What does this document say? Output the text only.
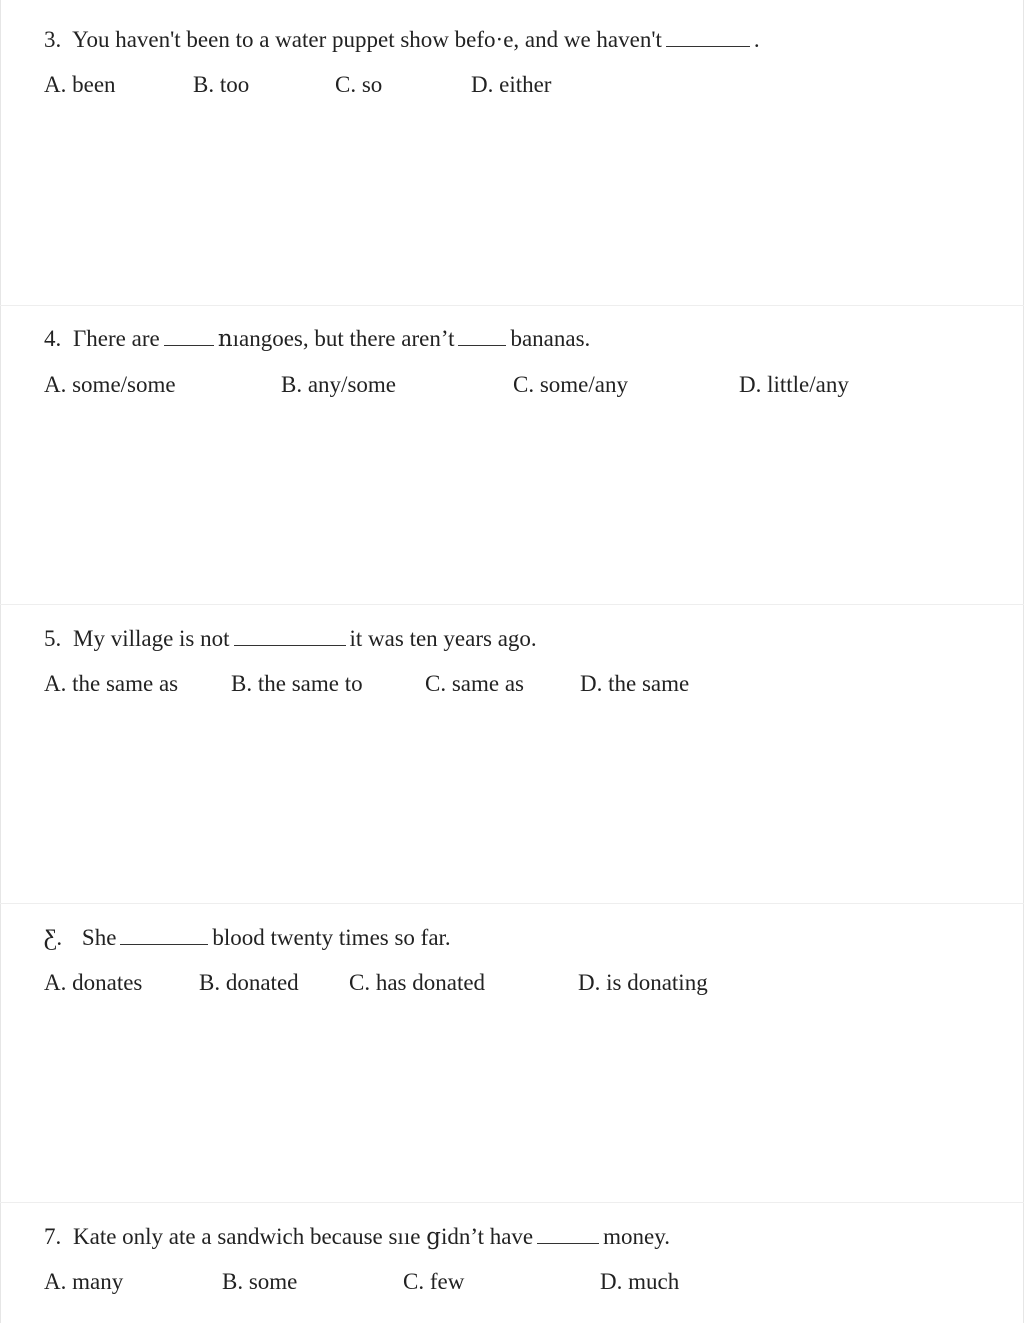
3. You haven't been to a water puppet show befo·e, and we haven't	.
A. been	B. too	C. so	D. either
4. Гhere are	ոıangoes, but there aren’t bananas.
A. some/some	B. any/some	C. some/any	D. little/any
5. My village is not	it was ten years ago.
A. the same as B. the same to	C. same as D. the same
Ƹ. She	blood twenty times so far.
A. donates B. donated C. has donated	D. is donating
7. Kate only ate a sandwich because sııe ցidn’t have	money.
A. many	B. some	C. few	D. much
